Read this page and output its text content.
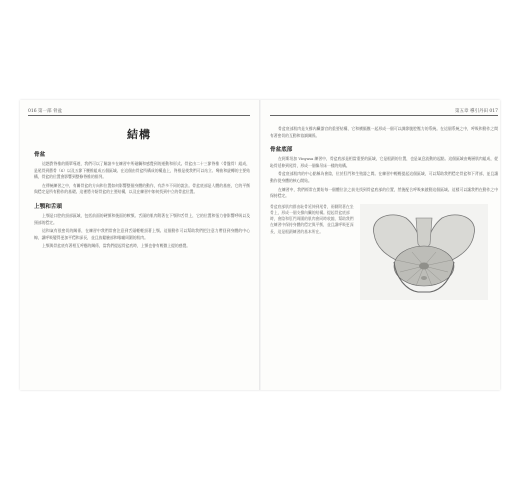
016 第一部 骨盆
結構
骨盆

這趟對脊椎的簡單導遊，我們可以了解諸多在練習中所碰觸和感覺到的運動和形式。骨盆由二十三節脊椎（骨盤骨）組成，是尾骨到薦骨（S）以及五節下腰椎組成五個區域。在這個由骨盆所構成的構造上，脊椎是使我們可以站立、彎曲和旋轉的主要結構，骨盆的位置會影響到整條脊椎的排列。

在傳統練習之中，有關骨盆的方向和位置如何影響整個身體的動作，有許多不同的說法。骨盆底部是人體的基座，它的平衡與穩定是所有動作的基礎。這裡將介紹骨盆的主要結構，以及在練習中如何找到中立的骨盆位置。

上顎和舌頭

上顎是口腔的頂部區域，包括前面的硬顎和後面的軟顎。舌頭的肌肉附著在下顎和舌骨上，它的位置和張力會影響呼吸以及頸部的穩定。

這和氣有很密切的關係，在練習中我們常會注意到舌頭輕輕頂著上顎。這個動作可以幫助我們把注意力帶回到身體的中心線，讓呼吸變得更加平穩和深長，並且放鬆臉部和喉嚨周圍的肌肉。

上顎與骨盆底有著相互呼應的關係，當我們提起骨盆底時，上顎也會有輕微上提的感覺。

第五章 導引丹田 017

骨盆底部肌肉是支撐內臟器官的重要結構，它和橫膈膜一起形成一個可以調節腹腔壓力的系統。在這個系統之中，呼吸和動作之間有著密切的互動和協調關係。

骨盆底部

在阿斯坦加 Vinyasa 練習中，骨盆底部是相當重要的區域，它是根鎖的位置，也是氣息流動的起點。這個區域由幾層肌肉組成，從恥骨延伸到尾骨，形成一個像吊床一樣的結構。

骨盆底部肌肉的中心點稱為會陰，位於肛門和生殖器之間。在練習中輕輕提起這個區域，可以幫助我們穩定骨盆和下背部，並且讓動作從身體的核心開始。

在練習中，我們經常在開始每一個體位法之前先找到骨盆底部的位置，然後配合呼吸來啟動這個區域。這樣可以讓我們在動作之中保持穩定。

骨盆底部肌肉群由恥骨延伸到尾骨，兩側附著在坐骨上，形成一個支撐內臟的結構。提起骨盆底部時，會陰和肛門周圍的肌肉會同時收縮，幫助我們在練習中保持身體的穩定與平衡，並且讓呼吸更深長，這是根鎖練習的基本所在。
